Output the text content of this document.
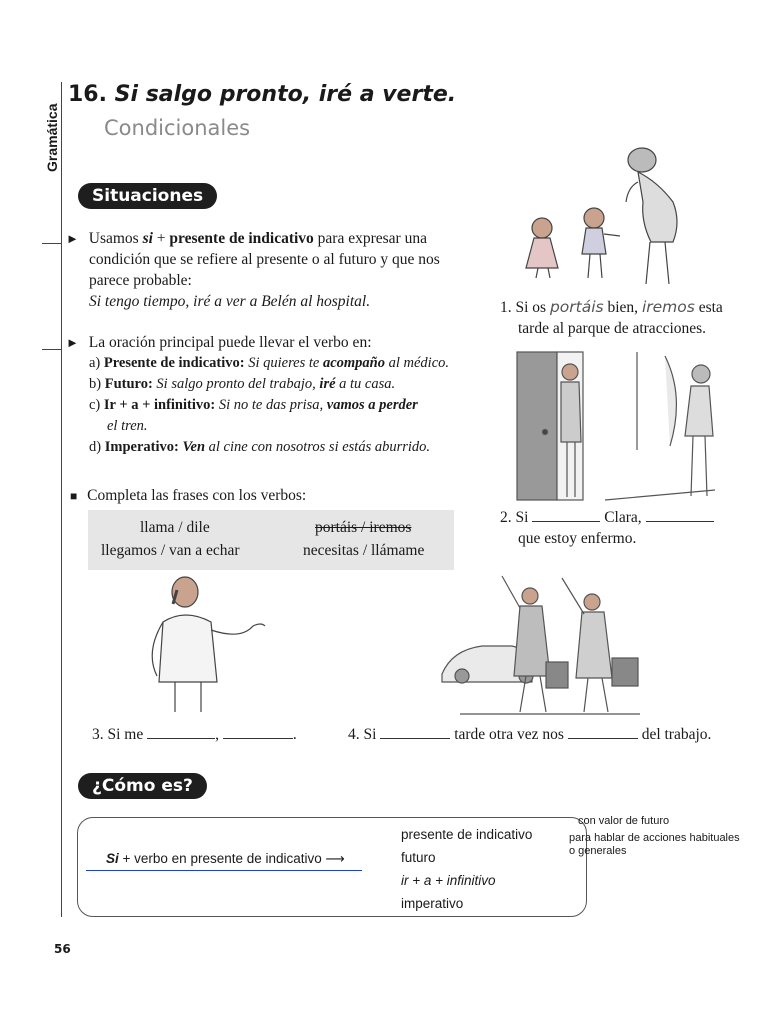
Gramática
16. Si salgo pronto, iré a verte.
Condicionales
Situaciones
► Usamos si + presente de indicativo para expresar una
condición que se refiere al presente o al futuro y que nos
parece probable:
Si tengo tiempo, iré a ver a Belén al hospital.
► La oración principal puede llevar el verbo en:
a) Presente de indicativo: Si quieres te acompaño al médico.
b) Futuro: Si salgo pronto del trabajo, iré a tu casa.
c) Ir + a + infinitivo: Si no te das prisa, vamos a perder
el tren.
d) Imperativo: Ven al cine con nosotros si estás aburrido.
■ Completa las frases con los verbos:
llama / dile	portáis / iremos
llegamos / van a echar	necesitas / llámame
1. Si os portáis bien, iremos esta
tarde al parque de atracciones.
2. Si	Clara,
que estoy enfermo.
3. Si me	,	.	4. Si	tarde otra vez nos	del trabajo.
¿Cómo es?
Si + verbo en presente de indicativo ⟶
presente de indicativo
futuro
ir + a + infinitivo
imperativo
con valor de futuro
para hablar de acciones habituales
o generales
56
